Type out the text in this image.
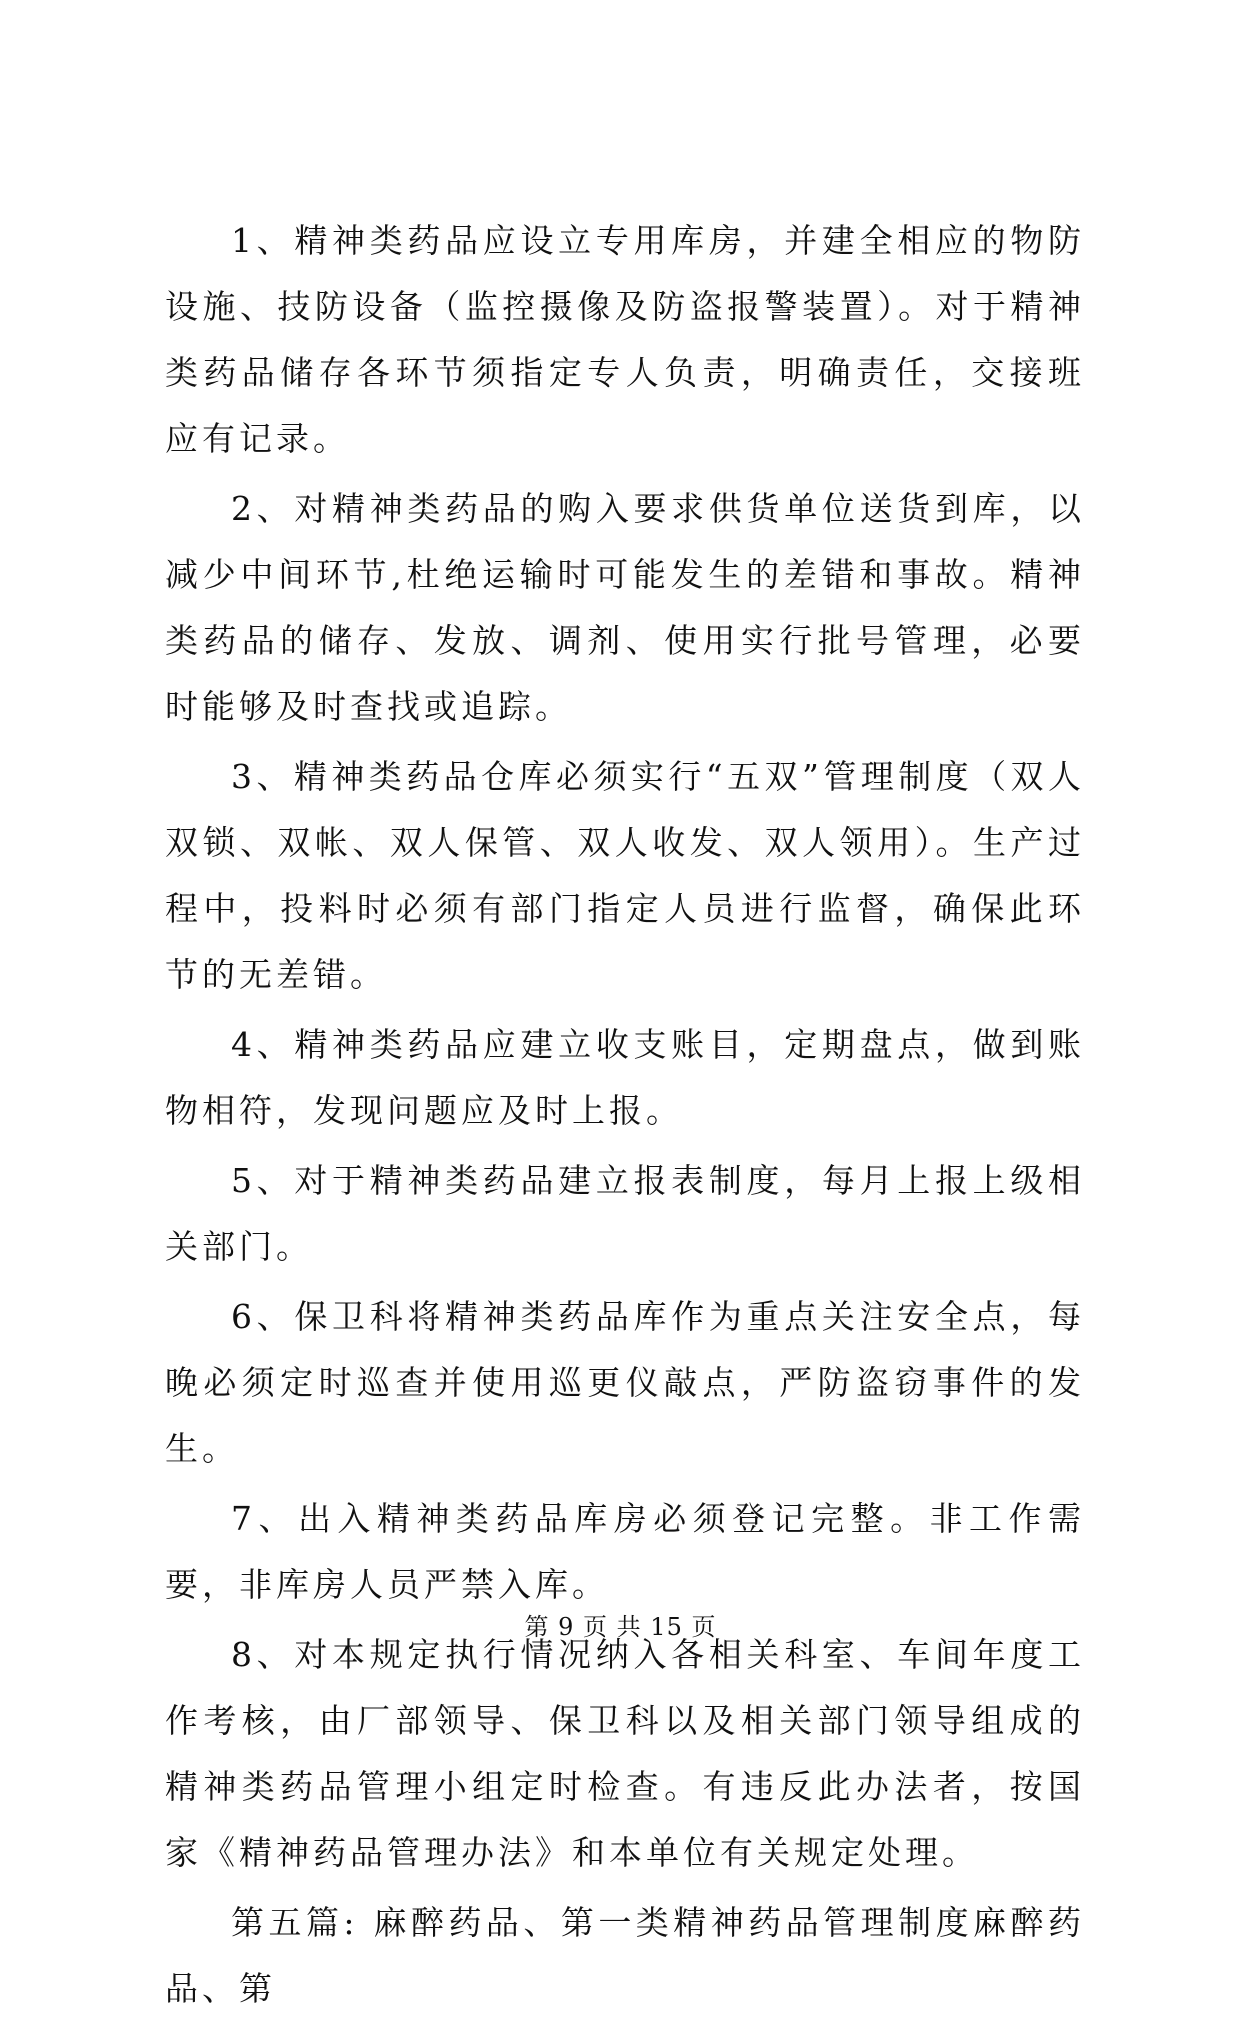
1、精神类药品应设立专用库房，并建全相应的物防设施、技防设备（监控摄像及防盗报警装置）。对于精神类药品储存各环节须指定专人负责，明确责任，交接班应有记录。

2、对精神类药品的购入要求供货单位送货到库，以减少中间环节,杜绝运输时可能发生的差错和事故。精神类药品的储存、发放、调剂、使用实行批号管理，必要时能够及时查找或追踪。

3、精神类药品仓库必须实行“五双”管理制度（双人双锁、双帐、双人保管、双人收发、双人领用）。生产过程中，投料时必须有部门指定人员进行监督，确保此环节的无差错。

4、精神类药品应建立收支账目，定期盘点，做到账物相符，发现问题应及时上报。

5、对于精神类药品建立报表制度，每月上报上级相关部门。

6、保卫科将精神类药品库作为重点关注安全点，每晚必须定时巡查并使用巡更仪敲点，严防盗窃事件的发生。

7、出入精神类药品库房必须登记完整。非工作需要，非库房人员严禁入库。

8、对本规定执行情况纳入各相关科室、车间年度工作考核，由厂部领导、保卫科以及相关部门领导组成的精神类药品管理小组定时检查。有违反此办法者，按国家《精神药品管理办法》和本单位有关规定处理。

第五篇: 麻醉药品、第一类精神药品管理制度麻醉药品、第

第 9 页 共 15 页
